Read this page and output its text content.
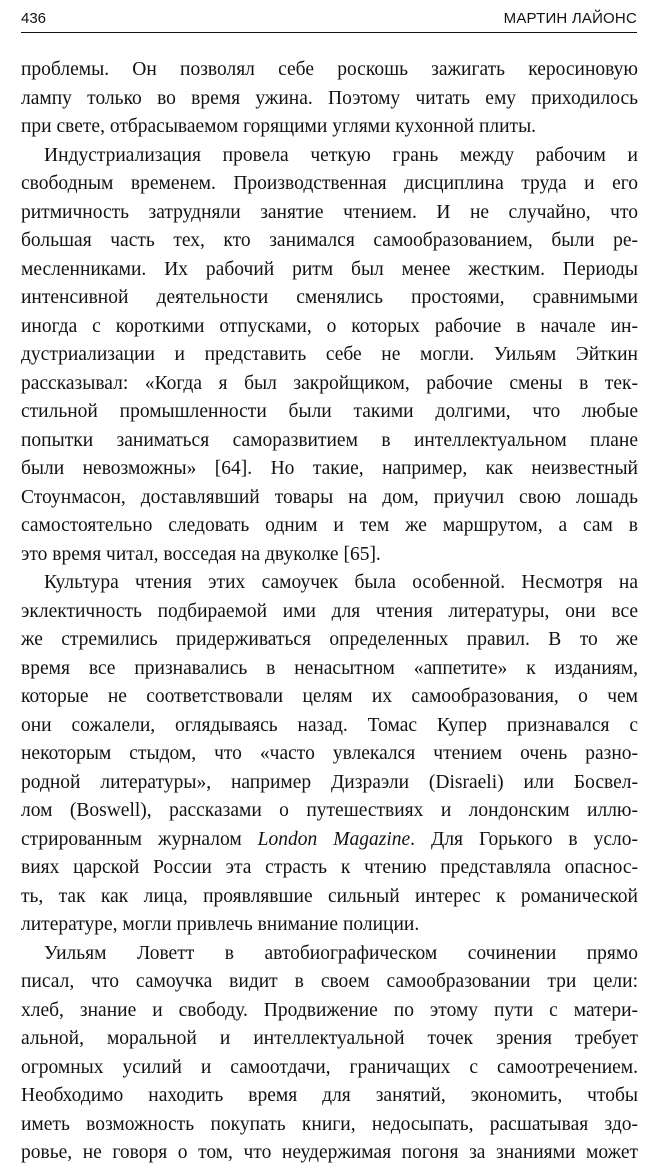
436	МАРТИН ЛАЙОНС
проблемы. Он позволял себе роскошь зажигать керосиновую
лампу только во время ужина. Поэтому читать ему приходилось
при свете, отбрасываемом горящими углями кухонной плиты.
Индустриализация провела четкую грань между рабочим и
свободным временем. Производственная дисциплина труда и его
ритмичность затрудняли занятие чтением. И не случайно, что
большая часть тех, кто занимался самообразованием, были ре-
месленниками. Их рабочий ритм был менее жестким. Периоды
интенсивной деятельности сменялись простоями, сравнимыми
иногда с короткими отпусками, о которых рабочие в начале ин-
дустриализации и представить себе не могли. Уильям Эйткин
рассказывал: «Когда я был закройщиком, рабочие смены в тек-
стильной промышленности были такими долгими, что любые
попытки заниматься саморазвитием в интеллектуальном плане
были невозможны» [64]. Но такие, например, как неизвестный
Стоунмасон, доставлявший товары на дом, приучил свою лошадь
самостоятельно следовать одним и тем же маршрутом, а сам в
это время читал, восседая на двуколке [65].
Культура чтения этих самоучек была особенной. Несмотря на
эклектичность подбираемой ими для чтения литературы, они все
же стремились придерживаться определенных правил. В то же
время все признавались в ненасытном «аппетите» к изданиям,
которые не соответствовали целям их самообразования, о чем
они сожалели, оглядываясь назад. Томас Купер признавался с
некоторым стыдом, что «часто увлекался чтением очень разно-
родной литературы», например Дизраэли (Disraeli) или Босвел-
лом (Boswell), рассказами о путешествиях и лондонским иллю-
стрированным журналом London Magazine. Для Горького в усло-
виях царской России эта страсть к чтению представляла опаснос-
ть, так как лица, проявлявшие сильный интерес к романической
литературе, могли привлечь внимание полиции.
Уильям Ловетт в автобиографическом сочинении прямо
писал, что самоучка видит в своем самообразовании три цели:
хлеб, знание и свободу. Продвижение по этому пути с матери-
альной, моральной и интеллектуальной точек зрения требует
огромных усилий и самоотдачи, граничащих с самоотречением.
Необходимо находить время для занятий, экономить, чтобы
иметь возможность покупать книги, недосыпать, расшатывая здо-
ровье, не говоря о том, что неудержимая погоня за знаниями может
